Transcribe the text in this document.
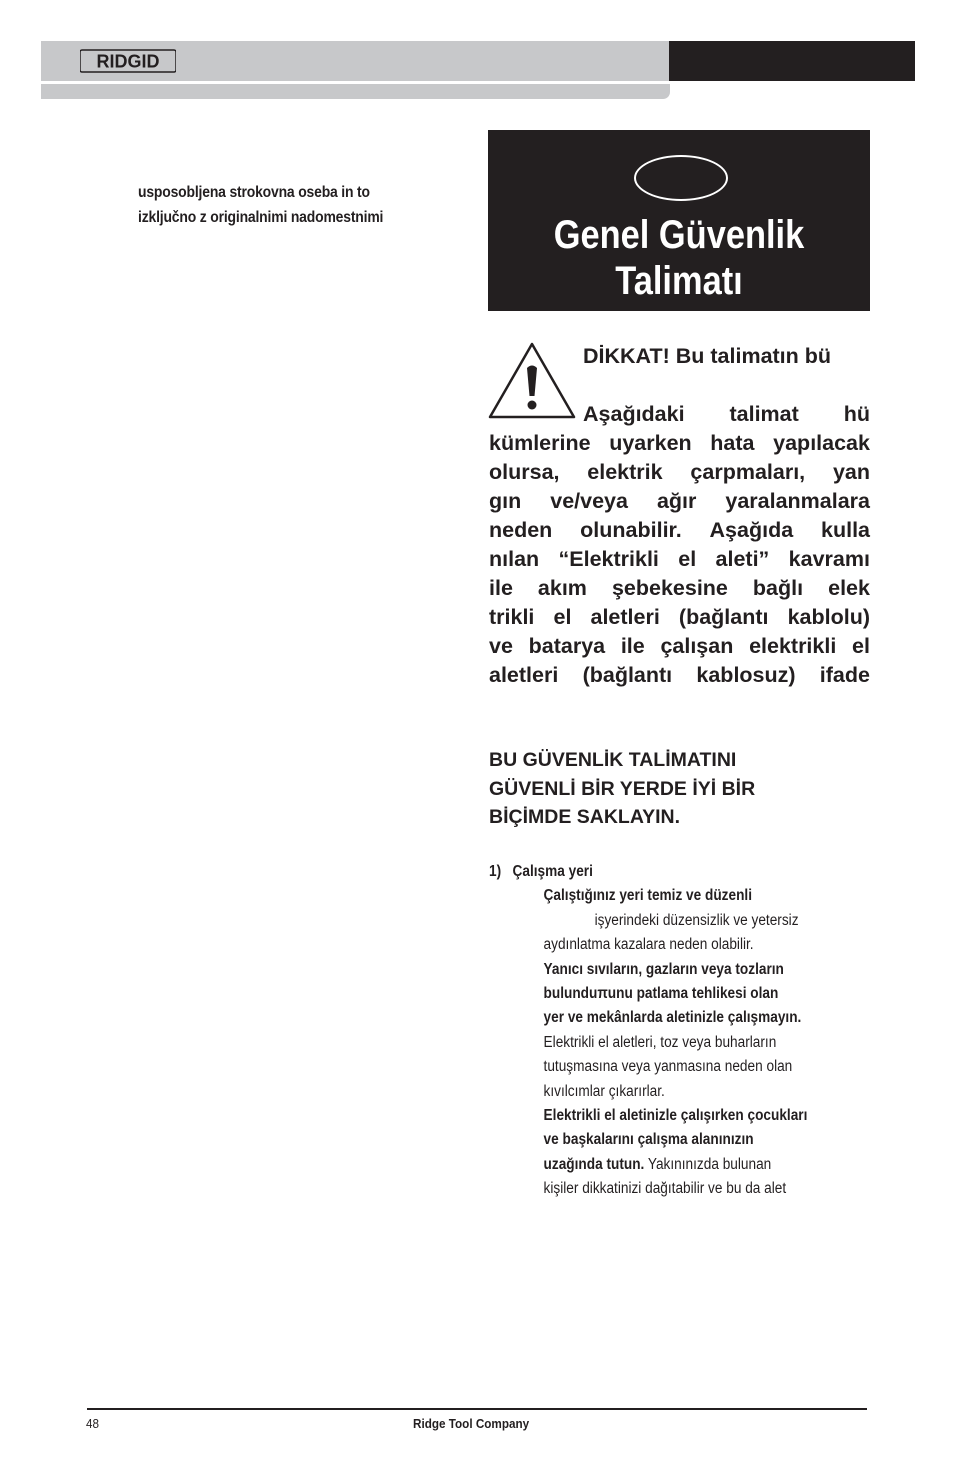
RIDGID
usposobljena strokovna oseba in to
izključno z originalnimi nadomestnimi	Genel Güvenlik
Talimatı
DİKKAT! Bu talimatın bü
Aşağıdaki talimat hü
kümlerine uyarken hata yapılacak
olursa, elektrik çarpmaları, yan
gın ve/veya ağır yaralanmalara
neden olunabilir. Aşağıda kulla
nılan “Elektrikli el aleti” kavramı
ile akım şebekesine bağlı elek
trikli el aletleri (bağlantı kablolu)
ve batarya ile çalışan elektrikli el
aletleri (bağlantı kablosuz) ifade
BU GÜVENLİK TALİMATINI
GÜVENLİ BİR YERDE İYİ BİR
BİÇİMDE SAKLAYIN.
1) Çalışma yeri
Çalıştığınız yeri temiz ve düzenli
işyerindeki düzensizlik ve yetersiz
aydınlatma kazalara neden olabilir.
Yanıcı sıvıların, gazların veya tozların
bulunduπunu patlama tehlikesi olan
yer ve mekânlarda aletinizle çalışmayın.
Elektrikli el aletleri, toz veya buharların
tutuşmasına veya yanmasına neden olan
kıvılcımlar çıkarırlar.
Elektrikli el aletinizle çalışırken çocukları
ve başkalarını çalışma alanınızın
uzağında tutun. Yakınınızda bulunan
kişiler dikkatinizi dağıtabilir ve bu da alet
48	Ridge Tool Company
